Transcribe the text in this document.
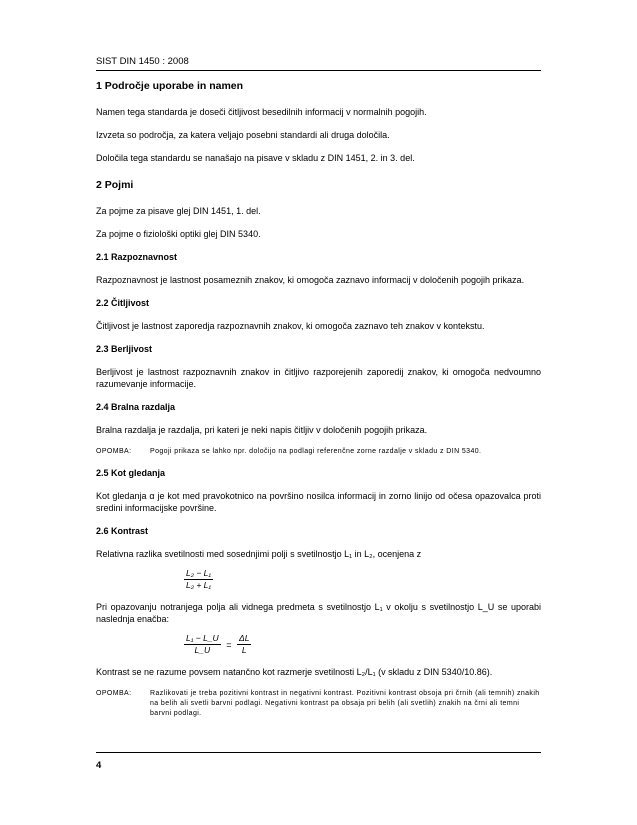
SIST DIN 1450 : 2008
1 Področje uporabe in namen
Namen tega standarda je doseči čitljivost besedilnih informacij v normalnih pogojih.
Izvzeta so področja, za katera veljajo posebni standardi ali druga določila.
Določila tega standardu se nanašajo na pisave v skladu z DIN 1451, 2. in 3. del.
2 Pojmi
Za pojme za pisave glej DIN 1451, 1. del.
Za pojme o fiziološki optiki glej DIN 5340.
2.1 Razpoznavnost
Razpoznavnost je lastnost posameznih znakov, ki omogoča zaznavo informacij v določenih pogojih prikaza.
2.2 Čitljivost
Čitljivost je lastnost zaporedja razpoznavnih znakov, ki omogoča zaznavo teh znakov v kontekstu.
2.3 Berljivost
Berljivost je lastnost razpoznavnih znakov in čitljivo razporejenih zaporedij znakov, ki omogoča nedvoumno razumevanje informacije.
2.4 Bralna razdalja
Bralna razdalja je razdalja, pri kateri je neki napis čitljiv v določenih pogojih prikaza.
OPOMBA:	Pogoji prikaza se lahko npr. določijo na podlagi referenčne zorne razdalje v skladu z DIN 5340.
2.5 Kot gledanja
Kot gledanja α je kot med pravokotnico na površino nosilca informacij in zorno linijo od očesa opazovalca proti sredini informacijske površine.
2.6 Kontrast
Relativna razlika svetilnosti med sosednjimi polji s svetilnostjo L₁ in L₂, ocenjena z
$\frac{\text{L₂ − L₁}}{\text{L₂ + L₁}}$
Pri opazovanju notranjega polja ali vidnega predmeta s svetilnostjo L₁ v okolju s svetilnostjo L_U se uporabi naslednja enačba:
$\frac{\text{L₁ − L\_U}}{L\_U} = \frac{\Delta L}{L}$
Kontrast se ne razume povsem natančno kot razmerje svetilnosti L₂/L₁ (v skladu z DIN 5340/10.86).
OPOMBA:	Razlikovati je treba pozitivni kontrast in negativni kontrast. Pozitivni kontrast obsoja pri črnih (ali temnih) znakih na belih ali svetli barvni podlagi. Negativni kontrast pa obsaja pri belih (ali svetlih) znakih na črni ali temni barvni podlagi.
4
